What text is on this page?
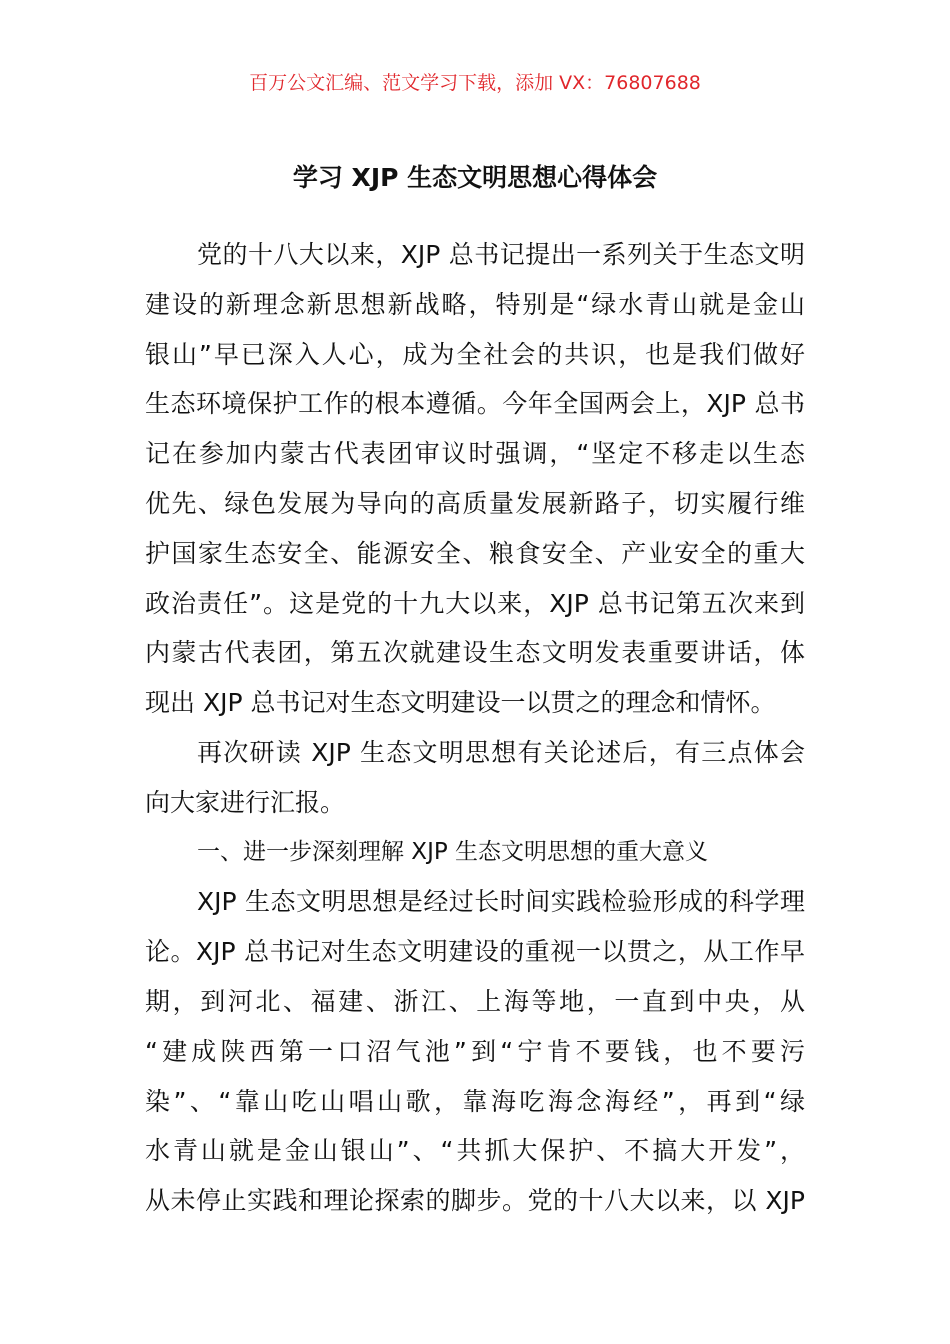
百万公文汇编、范文学习下载，添加 VX：76807688
学习 XJP 生态文明思想心得体会
党的十八大以来，XJP 总书记提出一系列关于生态文明
建设的新理念新思想新战略，特别是“绿水青山就是金山
银山”早已深入人心，成为全社会的共识，也是我们做好
生态环境保护工作的根本遵循。今年全国两会上，XJP 总书
记在参加内蒙古代表团审议时强调，“坚定不移走以生态
优先、绿色发展为导向的高质量发展新路子，切实履行维
护国家生态安全、能源安全、粮食安全、产业安全的重大
政治责任”。这是党的十九大以来，XJP 总书记第五次来到
内蒙古代表团，第五次就建设生态文明发表重要讲话，体
现出 XJP 总书记对生态文明建设一以贯之的理念和情怀。
再次研读 XJP 生态文明思想有关论述后，有三点体会
向大家进行汇报。
一、进一步深刻理解 XJP 生态文明思想的重大意义
XJP 生态文明思想是经过长时间实践检验形成的科学理
论。XJP 总书记对生态文明建设的重视一以贯之，从工作早
期，到河北、福建、浙江、上海等地，一直到中央，从
“建成陕西第一口沼气池”到“宁肯不要钱，也不要污
染”、“靠山吃山唱山歌，靠海吃海念海经”，再到“绿
水青山就是金山银山”、“共抓大保护、不搞大开发”，
从未停止实践和理论探索的脚步。党的十八大以来，以 XJP
